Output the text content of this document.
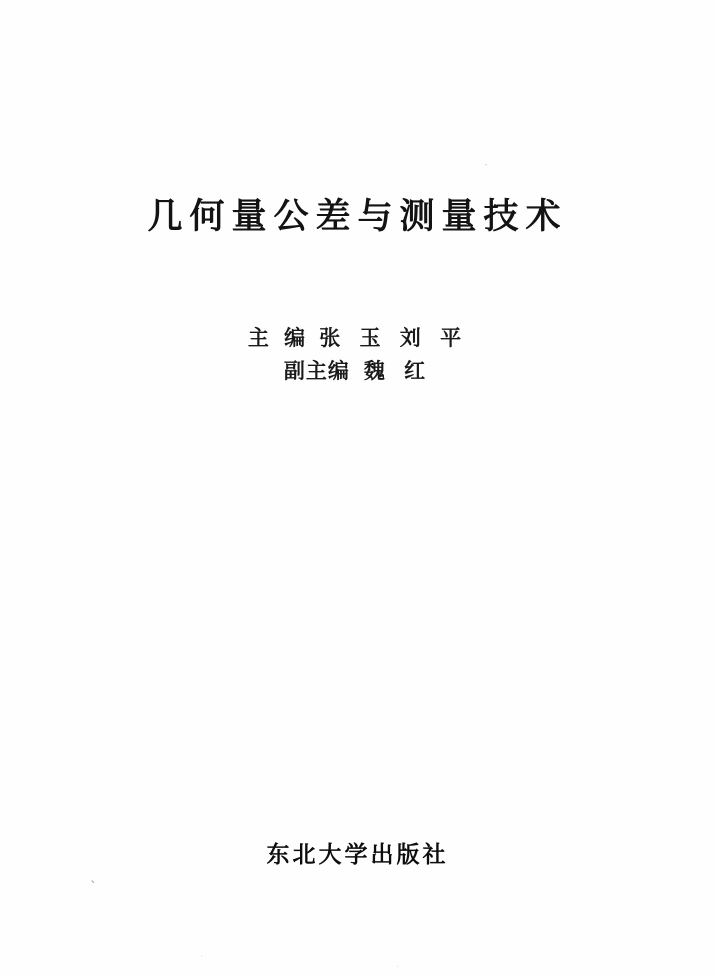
几何量公差与测量技术
主 编 张 玉 刘 平
副主编 魏 红
东北大学出版社
·
ˋ
·
·
